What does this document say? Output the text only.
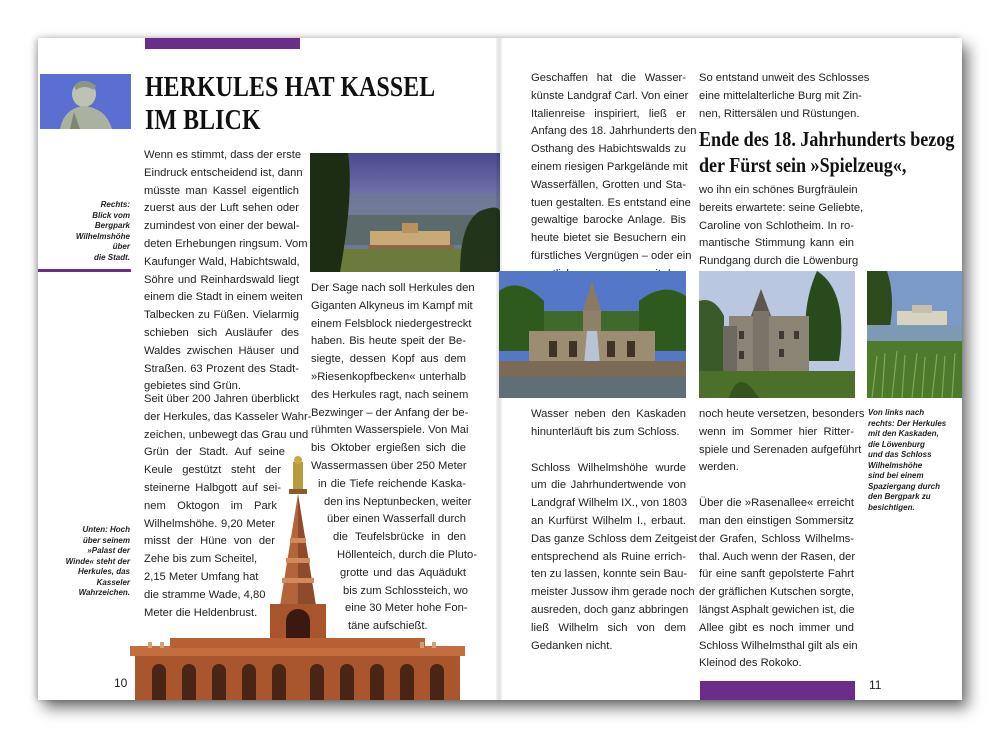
HERKULES HAT KASSEL
IM BLICK
Rechts:
Blick vom
Bergpark
Wilhelmshöhe
über
die Stadt.
Unten: Hoch
über seinem
»Palast der
Winde« steht der
Herkules, das
Kasseler
Wahrzeichen.
Wenn es stimmt, dass der erste
Eindruck entscheidend ist, dann
müsste man Kassel eigentlich
zuerst aus der Luft sehen oder
zumindest von einer der bewal-
deten Erhebungen ringsum. Vom
Kaufunger Wald, Habichtswald,
Söhre und Reinhardswald liegt
einem die Stadt in einem weiten
Talbecken zu Füßen. Vielarmig
schieben sich Ausläufer des
Waldes zwischen Häuser und
Straßen. 63 Prozent des Stadt-
gebietes sind Grün.
Seit über 200 Jahren überblickt
der Herkules, das Kasseler Wahr-
zeichen, unbewegt das Grau und
Grün der Stadt. Auf seine
Keule gestützt steht der
steinerne Halbgott auf sei-
nem Oktogon im Park
Wilhelmshöhe. 9,20 Meter
misst der Hüne von der
Zehe bis zum Scheitel,
2,15 Meter Umfang hat
die stramme Wade, 4,80
Meter die Heldenbrust.
Der Sage nach soll Herkules den
Giganten Alkyneus im Kampf mit
einem Felsblock niedergestreckt
haben. Bis heute speit der Be-
siegte, dessen Kopf aus dem
»Riesenkopfbecken« unterhalb
des Herkules ragt, nach seinem
Bezwinger – der Anfang der be-
rühmten Wasserspiele. Von Mai
bis Oktober ergießen sich die
Wassermassen über 250 Meter
in die Tiefe reichende Kaska-
den ins Neptunbecken, weiter
über einen Wasserfall durch
die Teufelsbrücke in den
Höllenteich, durch die Pluto-
grotte und das Aquädukt
bis zum Schlossteich, wo
eine 30 Meter hohe Fon-
täne aufschießt.
10
Geschaffen hat die Wasser-
künste Landgraf Carl. Von einer
Italienreise inspiriert, ließ er
Anfang des 18. Jahrhunderts den
Osthang des Habichtswalds zu
einem riesigen Parkgelände mit
Wasserfällen, Grotten und Sta-
tuen gestalten. Es entstand eine
gewaltige barocke Anlage. Bis
heute bietet sie Besuchern ein
fürstliches Vergnügen – oder ein
So entstand unweit des Schlosses
eine mittelalterliche Burg mit Zin-
nen, Rittersälen und Rüstungen.
Ende des 18. Jahrhunderts bezog
der Fürst sein »Spielzeug«,
wo ihn ein schönes Burgfräulein
bereits erwartete: seine Geliebte,
Caroline von Schlotheim. In ro-
mantische Stimmung kann ein
Rundgang durch die Löwenburg
Wasser neben den Kaskaden
hinunterläuft bis zum Schloss.
Schloss Wilhelmshöhe wurde
um die Jahrhundertwende von
Landgraf Wilhelm IX., von 1803
an Kurfürst Wilhelm I., erbaut.
Das ganze Schloss dem Zeitgeist
entsprechend als Ruine errich-
ten zu lassen, konnte sein Bau-
meister Jussow ihm gerade noch
ausreden, doch ganz abbringen
ließ Wilhelm sich von dem
Gedanken nicht.
noch heute versetzen, besonders
wenn im Sommer hier Ritter-
spiele und Serenaden aufgeführt
werden.
Über die »Rasenallee« erreicht
man den einstigen Sommersitz
der Grafen, Schloss Wilhelms-
thal. Auch wenn der Rasen, der
für eine sanft gepolsterte Fahrt
der gräflichen Kutschen sorgte,
längst Asphalt gewichen ist, die
Allee gibt es noch immer und
Schloss Wilhelmsthal gilt als ein
Kleinod des Rokoko.
Von links nach
rechts: Der Herkules
mit den Kaskaden,
die Löwenburg
und das Schloss
Wilhelmshöhe
sind bei einem
Spaziergang durch
den Bergpark zu
besichtigen.
11
